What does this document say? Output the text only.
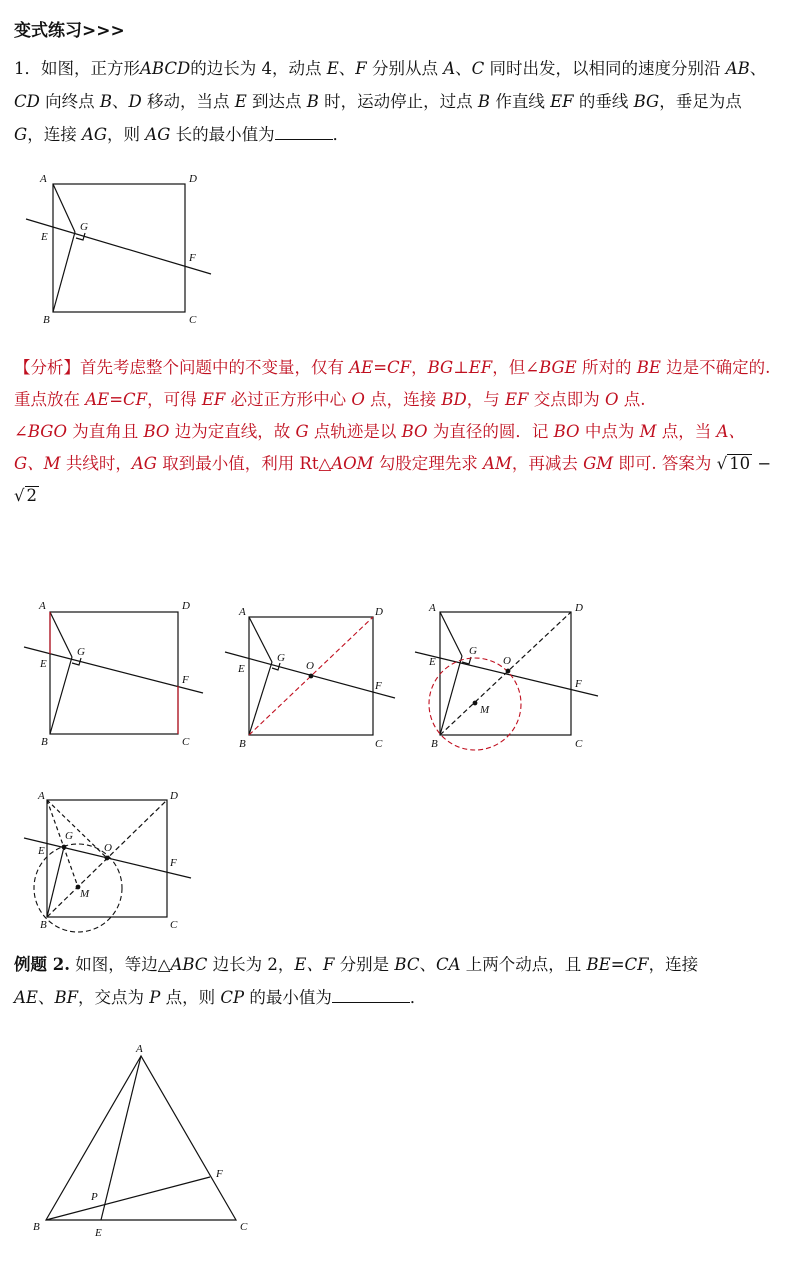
变式练习>>>

1．如图，正方形ABCD的边长为 4，动点 E、F 分别从点 A、C 同时出发，以相同的速度分别沿 AB、CD 向终点 B、D 移动，当点 E 到达点 B 时，运动停止，过点 B 作直线 EF 的垂线 BG，垂足为点 G，连接 AG，则 AG 长的最小值为	．

A	D
E
G
F
B	C
【分析】首先考虑整个问题中的不变量，仅有 AE=CF，BG⊥EF，但∠BGE 所对的 BE 边是不确定的.
重点放在 AE=CF，可得 EF 必过正方形中心 O 点，连接 BD，与 EF 交点即为 O 点.
∠BGO 为直角且 BO 边为定直线，故 G 点轨迹是以 BO 为直径的圆．记 BO 中点为 M 点，当 A、G、M 共线时，AG 取到最小值，利用 Rt△AOM 勾股定理先求 AM，再减去 GM 即可. 答案为 √ 10 − √ 2
A	D
E
G
F
B	C
A	D
E
G
O
F
B	C
A	D
E
G
O
M
F
B	C
A	D
G
E	O
F
M
B	C

例题 2. 如图，等边△ABC 边长为 2，E、F 分别是 BC、CA 上两个动点，且 BE=CF，连接
AE、BF，交点为 P 点，则 CP 的最小值为	．

A
F
P
B	E	C
